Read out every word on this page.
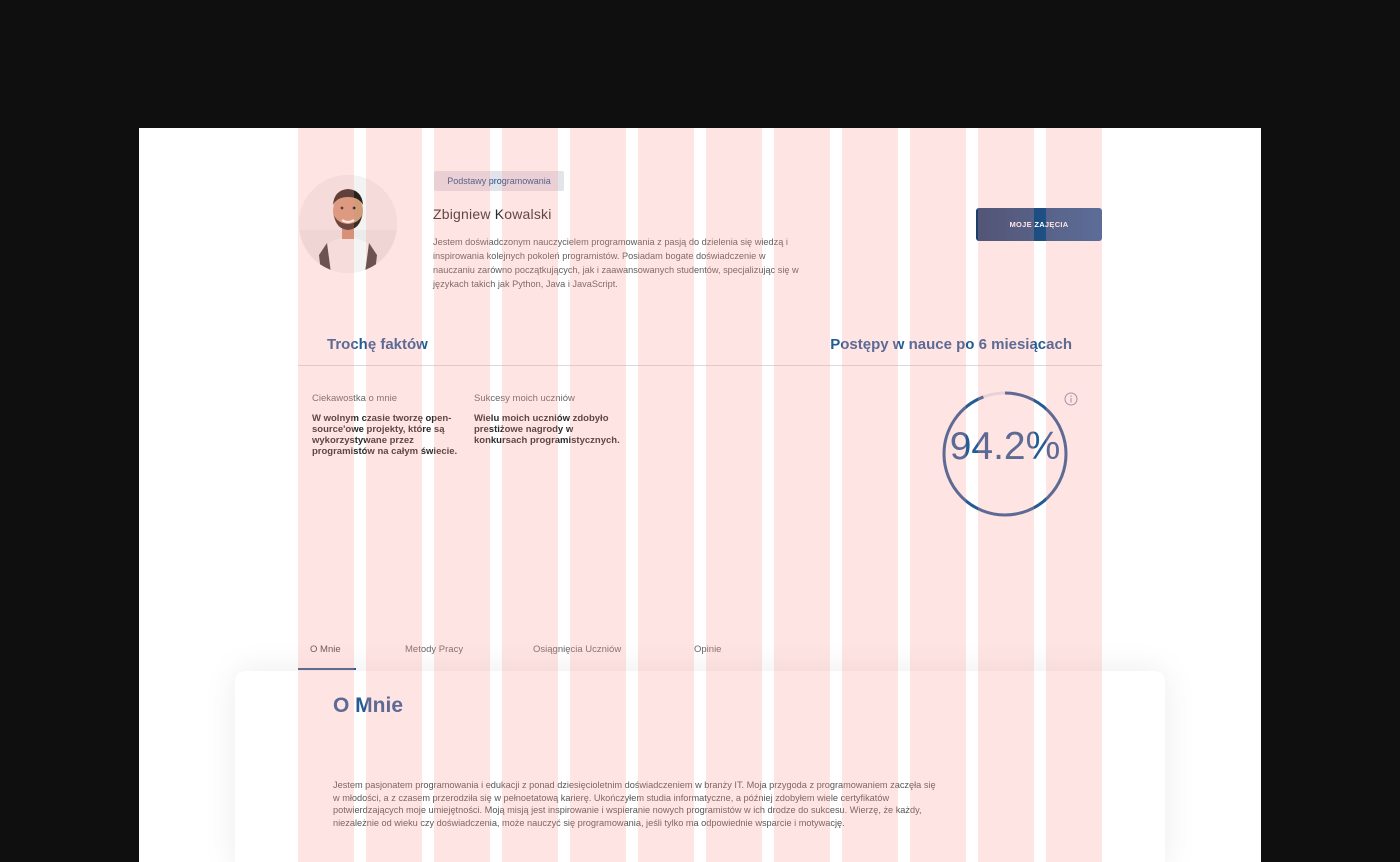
Podstawy programowania
Zbigniew Kowalski
Jestem doświadczonym nauczycielem programowania z pasją do dzielenia się wiedzą i inspirowania kolejnych pokoleń programistów. Posiadam bogate doświadczenie w nauczaniu zarówno początkujących, jak i zaawansowanych studentów, specjalizując się w językach takich jak Python, Java i JavaScript.
MOJE ZAJĘCIA
Trochę faktów	Postępy w nauce po 6 miesiącach
Ciekawostka o mnie
W wolnym czasie tworzę open-source'owe projekty, które są wykorzystywane przez programistów na całym świecie.
Sukcesy moich uczniów
Wielu moich uczniów zdobyło prestiżowe nagrody w konkursach programistycznych.	94.2%
O Mnie	Metody Pracy	Osiągnięcia Uczniów	Opinie
O Mnie
Jestem pasjonatem programowania i edukacji z ponad dziesięcioletnim doświadczeniem w branży IT. Moja przygoda z programowaniem zaczęła się w młodości, a z czasem przerodziła się w pełnoetatową karierę. Ukończyłem studia informatyczne, a później zdobyłem wiele certyfikatów potwierdzających moje umiejętności. Moją misją jest inspirowanie i wspieranie nowych programistów w ich drodze do sukcesu. Wierzę, że każdy, niezależnie od wieku czy doświadczenia, może nauczyć się programowania, jeśli tylko ma odpowiednie wsparcie i motywację.
